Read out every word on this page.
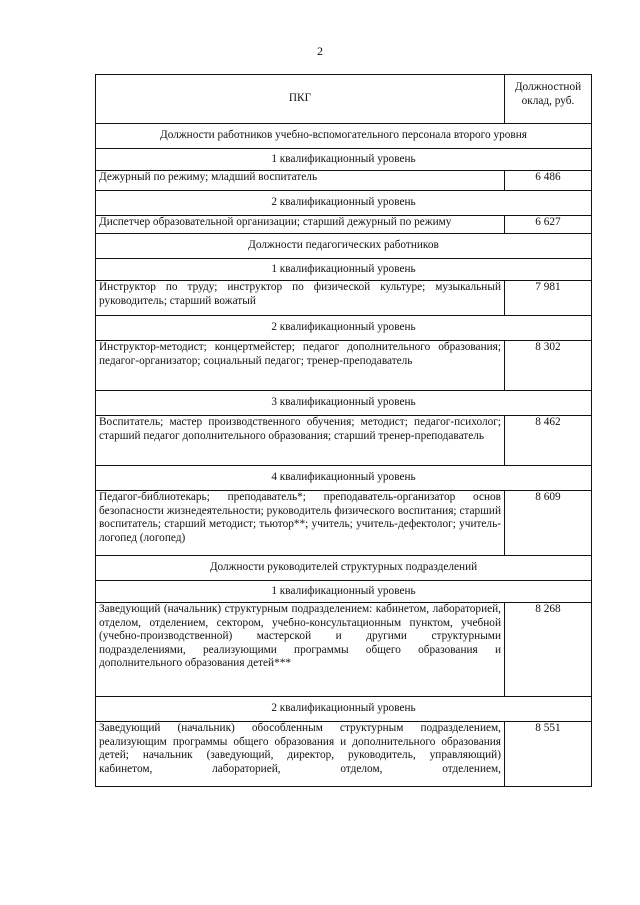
2
ПКГ	Должностной оклад, руб.
Должности работников учебно-вспомогательного персонала второго уровня	
1 квалификационный уровень	
Дежурный по режиму; младший воспитатель	6 486
2 квалификационный уровень	
Диспетчер образовательной организации; старший дежурный по режиму	6 627
Должности педагогических работников	
1 квалификационный уровень	
Инструктор по труду; инструктор по физической культуре; музыкальный руководитель; старший вожатый	7 981
2 квалификационный уровень	
Инструктор-методист; концертмейстер; педагог дополнительного образования; педагог-организатор; социальный педагог; тренер-преподаватель	8 302
3 квалификационный уровень	
Воспитатель; мастер производственного обучения; методист; педагог-психолог; старший педагог дополнительного образования; старший тренер-преподаватель	8 462
4 квалификационный уровень	
Педагог-библиотекарь; преподаватель*; преподаватель-организатор основ безопасности жизнедеятельности; руководитель физического воспитания; старший воспитатель; старший методист; тьютор**; учитель; учитель-дефектолог; учитель-логопед (логопед)	8 609
Должности руководителей структурных подразделений	
1 квалификационный уровень	
Заведующий (начальник) структурным подразделением: кабинетом, лабораторией, отделом, отделением, сектором, учебно-консультационным пунктом, учебной (учебно-производственной) мастерской и другими структурными подразделениями, реализующими программы общего образования и дополнительного образования детей***	8 268
2 квалификационный уровень	
Заведующий (начальник) обособленным структурным подразделением, реализующим программы общего образования и дополнительного образования детей; начальник (заведующий, директор, руководитель, управляющий) кабинетом, лабораторией, отделом, отделением,	8 551
